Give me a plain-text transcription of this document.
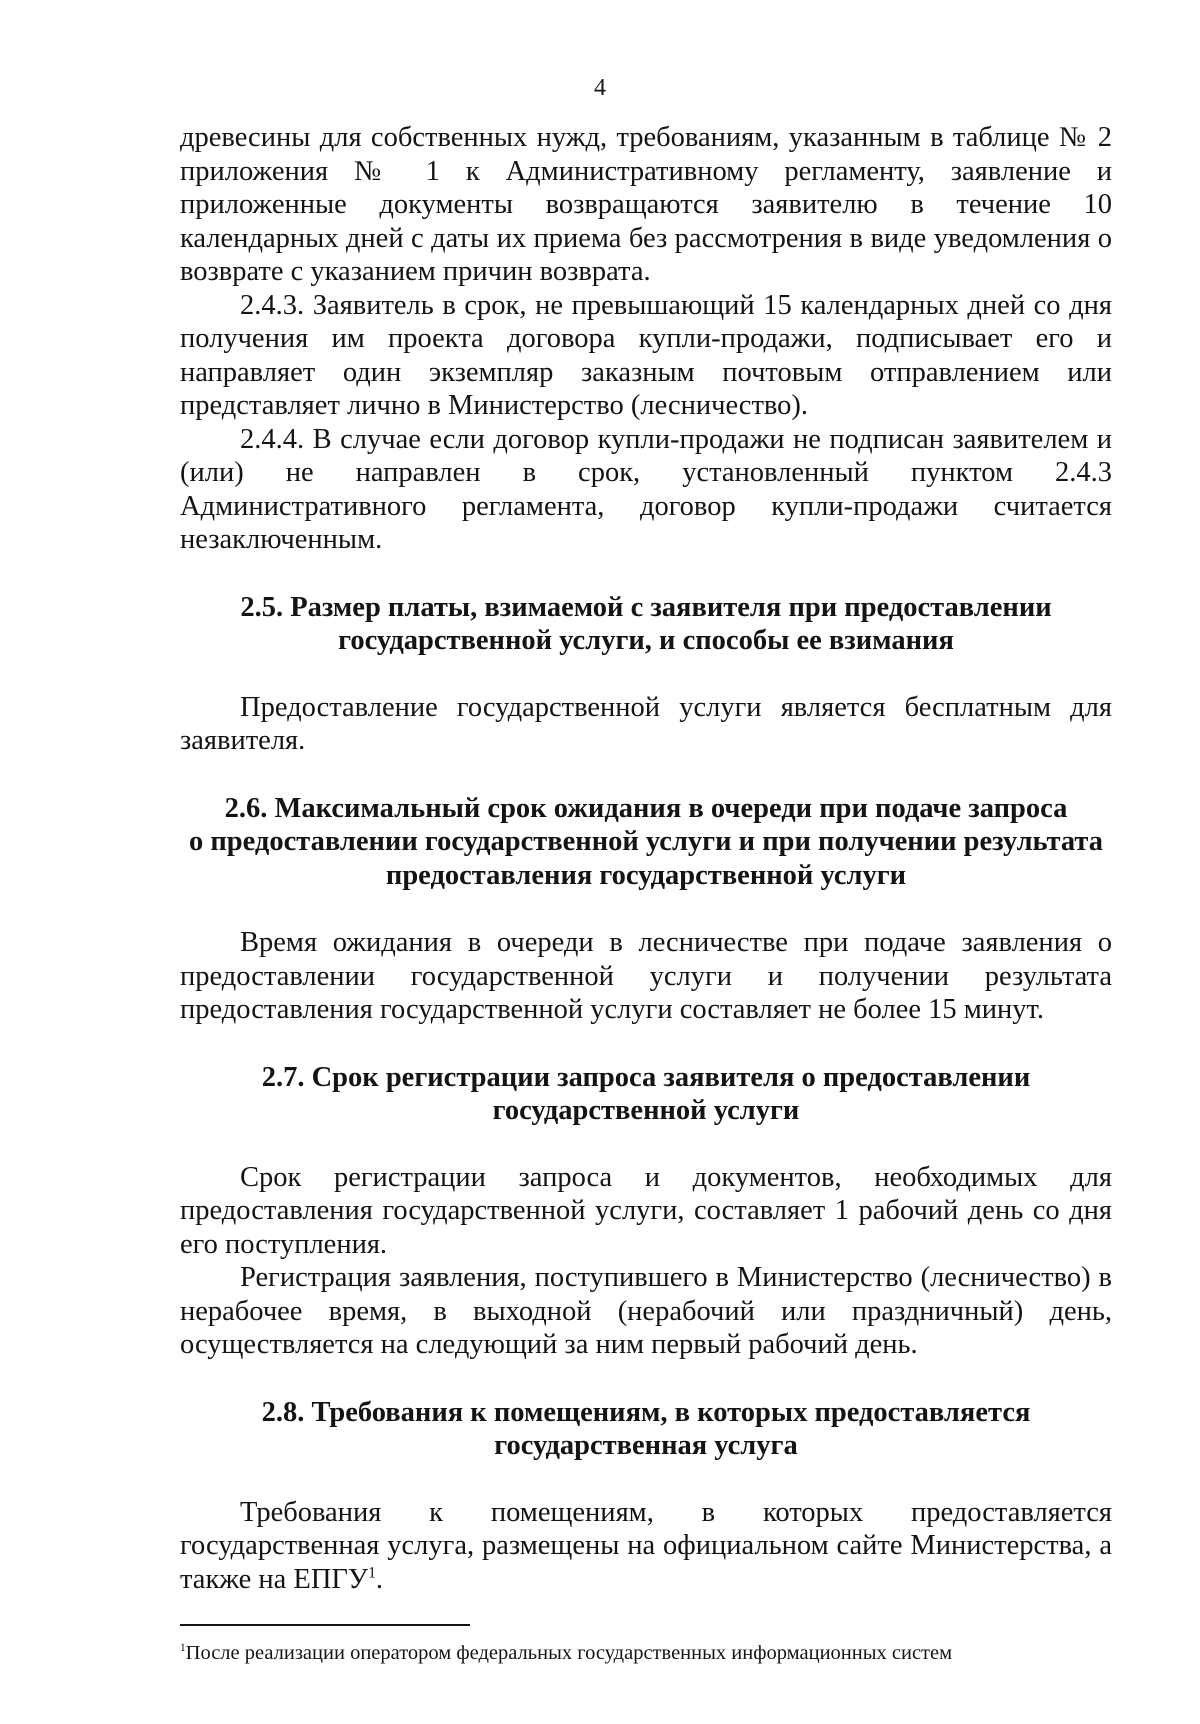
4

древесины для собственных нужд, требованиям, указанным в таблице № 2 приложения № 1 к Административному регламенту, заявление и приложенные документы возвращаются заявителю в течение 10 календарных дней с даты их приема без рассмотрения в виде уведомления о возврате с указанием причин возврата.

2.4.3. Заявитель в срок, не превышающий 15 календарных дней со дня получения им проекта договора купли-продажи, подписывает его и направляет один экземпляр заказным почтовым отправлением или представляет лично в Министерство (лесничество).

2.4.4. В случае если договор купли-продажи не подписан заявителем и (или) не направлен в срок, установленный пунктом 2.4.3 Административного регламента, договор купли-продажи считается незаключенным.

2.5. Размер платы, взимаемой с заявителя при предоставлении
государственной услуги, и способы ее взимания

Предоставление государственной услуги является бесплатным для заявителя.

2.6. Максимальный срок ожидания в очереди при подаче запроса
о предоставлении государственной услуги и при получении результата
предоставления государственной услуги

Время ожидания в очереди в лесничестве при подаче заявления о предоставлении государственной услуги и получении результата предоставления государственной услуги составляет не более 15 минут.

2.7. Срок регистрации запроса заявителя о предоставлении
государственной услуги

Срок регистрации запроса и документов, необходимых для предоставления государственной услуги, составляет 1 рабочий день со дня его поступления.

Регистрация заявления, поступившего в Министерство (лесничество) в нерабочее время, в выходной (нерабочий или праздничный) день, осуществляется на следующий за ним первый рабочий день.

2.8. Требования к помещениям, в которых предоставляется
государственная услуга

Требования к помещениям, в которых предоставляется государственная услуга, размещены на официальном сайте Министерства, а также на ЕПГУ$^1$.

$^1$После реализации оператором федеральных государственных информационных систем
